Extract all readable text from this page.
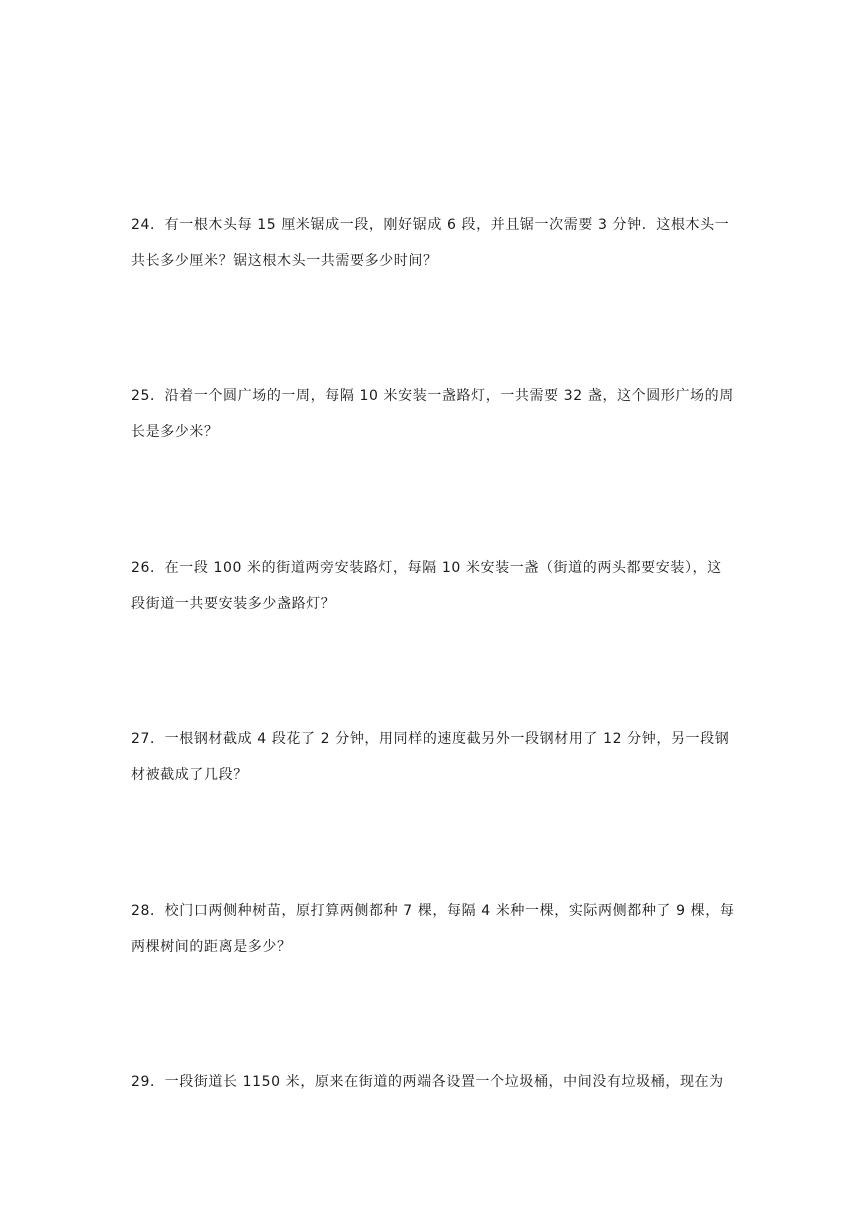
24．有一根木头每 15 厘米锯成一段，刚好锯成 6 段，并且锯一次需要 3 分钟．这根木头一
共长多少厘米？锯这根木头一共需要多少时间？
25．沿着一个圆广场的一周，每隔 10 米安装一盏路灯，一共需要 32 盏，这个圆形广场的周
长是多少米？
26．在一段 100 米的街道两旁安装路灯，每隔 10 米安装一盏（街道的两头都要安装），这
段街道一共要安装多少盏路灯？
27．一根钢材截成 4 段花了 2 分钟，用同样的速度截另外一段钢材用了 12 分钟，另一段钢
材被截成了几段？
28．校门口两侧种树苗，原打算两侧都种 7 棵，每隔 4 米种一棵，实际两侧都种了 9 棵，每
两棵树间的距离是多少？
29．一段街道长 1150 米，原来在街道的两端各设置一个垃圾桶，中间没有垃圾桶，现在为
